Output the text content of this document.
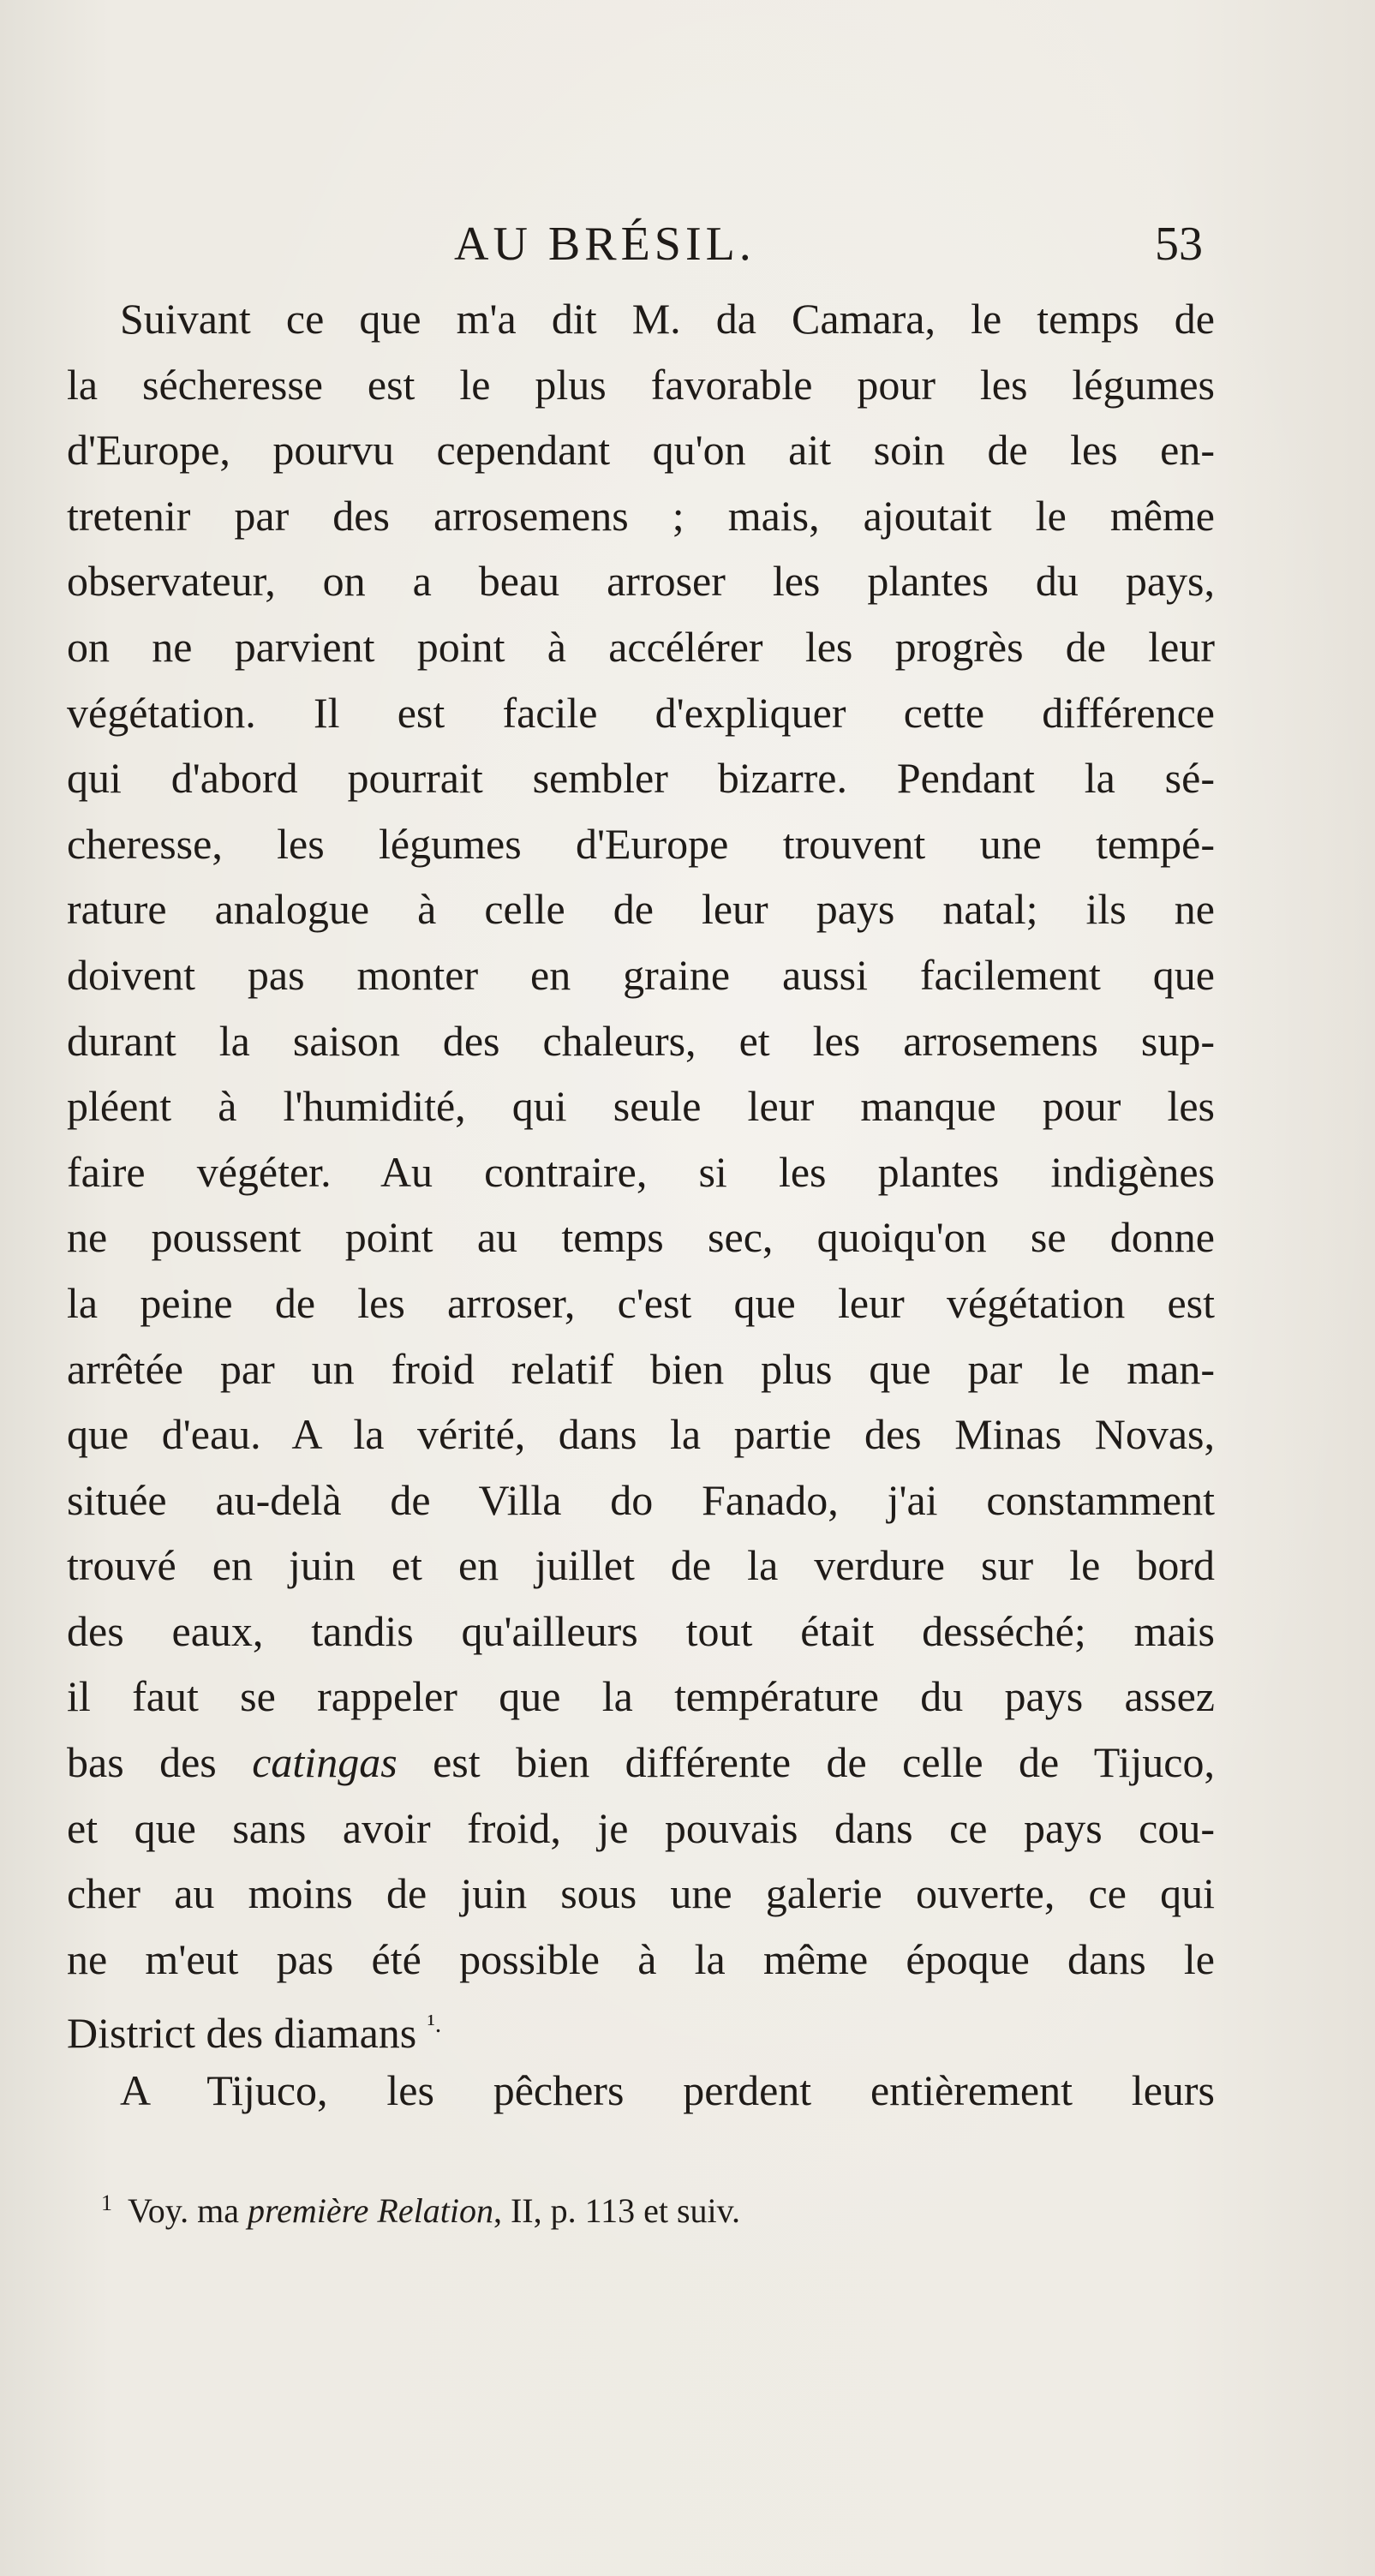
AU BRÉSIL.	53
Suivant ce que m'a dit M. da Camara, le temps de
la sécheresse est le plus favorable pour les légumes
d'Europe, pourvu cependant qu'on ait soin de les en-
tretenir par des arrosemens ; mais, ajoutait le même
observateur, on a beau arroser les plantes du pays,
on ne parvient point à accélérer les progrès de leur
végétation. Il est facile d'expliquer cette différence
qui d'abord pourrait sembler bizarre. Pendant la sé-
cheresse, les légumes d'Europe trouvent une tempé-
rature analogue à celle de leur pays natal; ils ne
doivent pas monter en graine aussi facilement que
durant la saison des chaleurs, et les arrosemens sup-
pléent à l'humidité, qui seule leur manque pour les
faire végéter. Au contraire, si les plantes indigènes
ne poussent point au temps sec, quoiqu'on se donne
la peine de les arroser, c'est que leur végétation est
arrêtée par un froid relatif bien plus que par le man-
que d'eau. A la vérité, dans la partie des Minas Novas,
située au-delà de Villa do Fanado, j'ai constamment
trouvé en juin et en juillet de la verdure sur le bord
des eaux, tandis qu'ailleurs tout était desséché; mais
il faut se rappeler que la température du pays assez
bas des catingas est bien différente de celle de Tijuco,
et que sans avoir froid, je pouvais dans ce pays cou-
cher au moins de juin sous une galerie ouverte, ce qui
ne m'eut pas été possible à la même époque dans le
District des diamans $^{^1.}$
A Tijuco, les pêchers perdent entièrement leurs
$^1$ Voy. ma première Relation, II, p. 113 et suiv.
